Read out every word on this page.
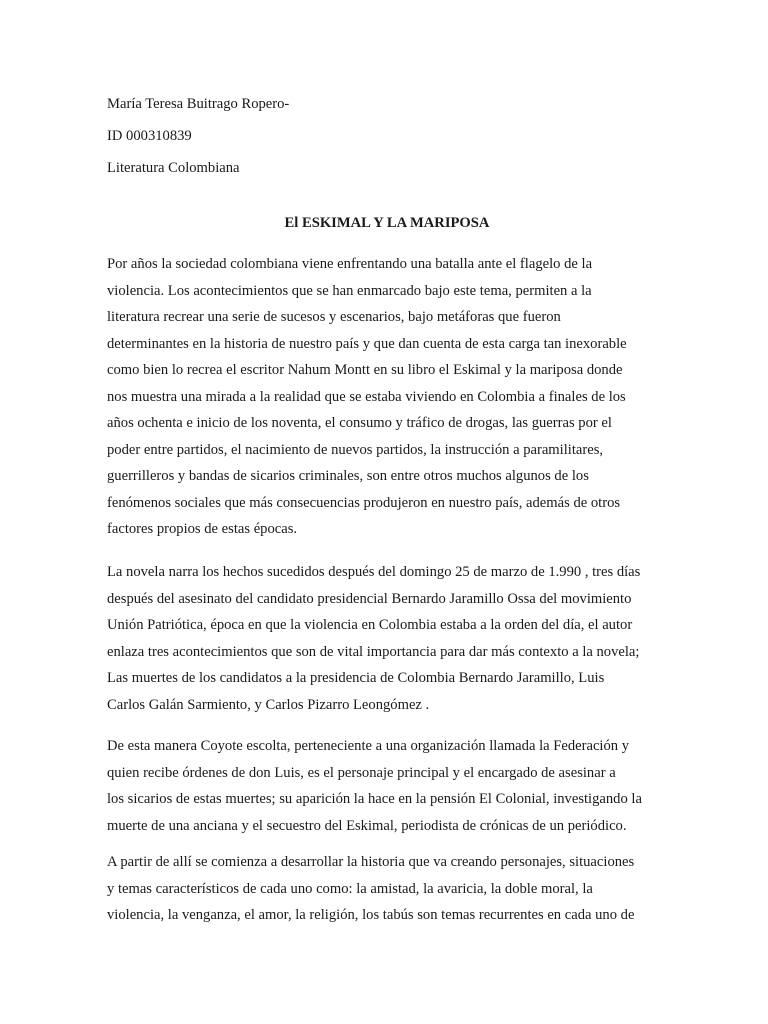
María Teresa Buitrago Ropero-
ID 000310839
Literatura Colombiana
El ESKIMAL Y LA MARIPOSA
Por años la sociedad colombiana viene enfrentando una batalla ante el flagelo de la
violencia. Los acontecimientos que se han enmarcado bajo este tema, permiten a la
literatura recrear una serie de sucesos y escenarios, bajo metáforas que fueron
determinantes en la historia de nuestro país y que dan cuenta de esta carga tan inexorable
como bien lo recrea el escritor Nahum Montt en su libro el Eskimal y la mariposa donde
nos muestra una mirada a la realidad que se estaba viviendo en Colombia a finales de los
años ochenta e inicio de los noventa, el consumo y tráfico de drogas, las guerras por el
poder entre partidos, el nacimiento de nuevos partidos, la instrucción a paramilitares,
guerrilleros y bandas de sicarios criminales, son entre otros muchos algunos de los
fenómenos sociales que más consecuencias produjeron en nuestro país, además de otros
factores propios de estas épocas.
La novela narra los hechos sucedidos después del domingo 25 de marzo de 1.990 , tres días
después del asesinato del candidato presidencial Bernardo Jaramillo Ossa del movimiento
Unión Patriótica, época en que la violencia en Colombia estaba a la orden del día, el autor
enlaza tres acontecimientos que son de vital importancia para dar más contexto a la novela;
Las muertes de los candidatos a la presidencia de Colombia Bernardo Jaramillo, Luis
Carlos Galán Sarmiento, y Carlos Pizarro Leongómez .
De esta manera Coyote escolta, perteneciente a una organización llamada la Federación y
quien recibe órdenes de don Luis, es el personaje principal y el encargado de asesinar a
los sicarios de estas muertes; su aparición la hace en la pensión El Colonial, investigando la
muerte de una anciana y el secuestro del Eskimal, periodista de crónicas de un periódico.
A partir de allí se comienza a desarrollar la historia que va creando personajes, situaciones
y temas característicos de cada uno como: la amistad, la avaricia, la doble moral, la
violencia, la venganza, el amor, la religión, los tabús son temas recurrentes en cada uno de
